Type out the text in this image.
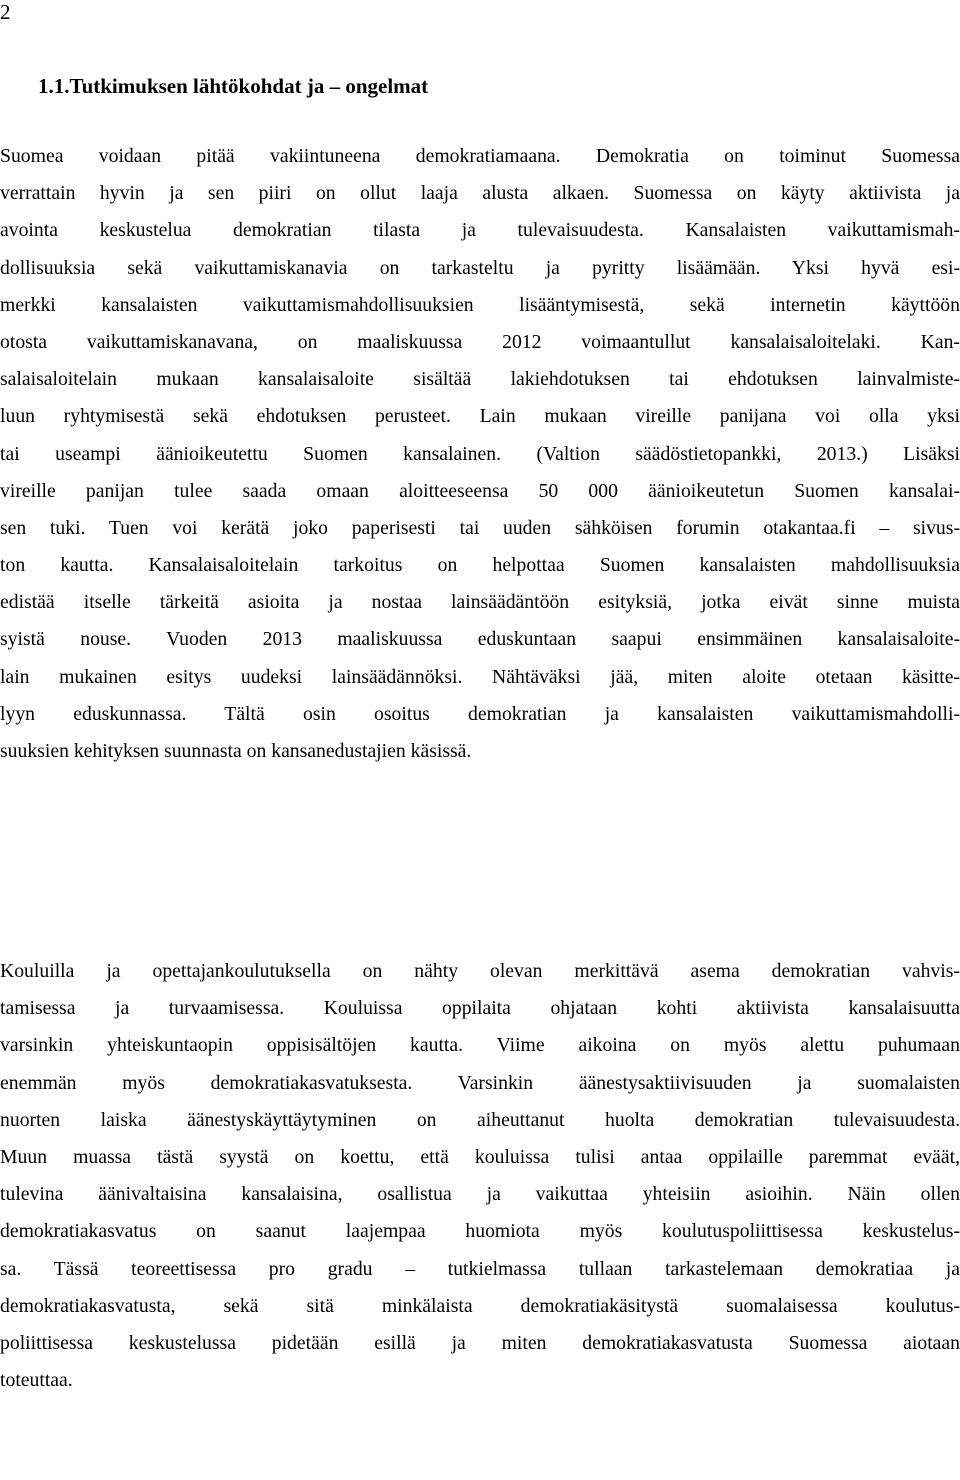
2
1.1.Tutkimuksen lähtökohdat ja – ongelmat
Suomea voidaan pitää vakiintuneena demokratiamaana. Demokratia on toiminut Suomessa
verrattain hyvin ja sen piiri on ollut laaja alusta alkaen. Suomessa on käyty aktiivista ja
avointa keskustelua demokratian tilasta ja tulevaisuudesta. Kansalaisten vaikuttamismah-
dollisuuksia sekä vaikuttamiskanavia on tarkasteltu ja pyritty lisäämään. Yksi hyvä esi-
merkki kansalaisten vaikuttamismahdollisuuksien lisääntymisestä, sekä internetin käyttöön
otosta vaikuttamiskanavana, on maaliskuussa 2012 voimaantullut kansalaisaloitelaki. Kan-
salaisaloitelain mukaan kansalaisaloite sisältää lakiehdotuksen tai ehdotuksen lainvalmiste-
luun ryhtymisestä sekä ehdotuksen perusteet. Lain mukaan vireille panijana voi olla yksi
tai useampi äänioikeutettu Suomen kansalainen. (Valtion säädöstietopankki, 2013.) Lisäksi
vireille panijan tulee saada omaan aloitteeseensa 50 000 äänioikeutetun Suomen kansalai-
sen tuki. Tuen voi kerätä joko paperisesti tai uuden sähköisen forumin otakantaa.fi – sivus-
ton kautta. Kansalaisaloitelain tarkoitus on helpottaa Suomen kansalaisten mahdollisuuksia
edistää itselle tärkeitä asioita ja nostaa lainsäädäntöön esityksiä, jotka eivät sinne muista
syistä nouse. Vuoden 2013 maaliskuussa eduskuntaan saapui ensimmäinen kansalaisaloite-
lain mukainen esitys uudeksi lainsäädännöksi. Nähtäväksi jää, miten aloite otetaan käsitte-
lyyn eduskunnassa. Tältä osin osoitus demokratian ja kansalaisten vaikuttamismahdolli-
suuksien kehityksen suunnasta on kansanedustajien käsissä.
Kouluilla ja opettajankoulutuksella on nähty olevan merkittävä asema demokratian vahvis-
tamisessa ja turvaamisessa. Kouluissa oppilaita ohjataan kohti aktiivista kansalaisuutta
varsinkin yhteiskuntaopin oppisisältöjen kautta. Viime aikoina on myös alettu puhumaan
enemmän myös demokratiakasvatuksesta. Varsinkin äänestysaktiivisuuden ja suomalaisten
nuorten laiska äänestyskäyttäytyminen on aiheuttanut huolta demokratian tulevaisuudesta.
Muun muassa tästä syystä on koettu, että kouluissa tulisi antaa oppilaille paremmat eväät,
tulevina äänivaltaisina kansalaisina, osallistua ja vaikuttaa yhteisiin asioihin. Näin ollen
demokratiakasvatus on saanut laajempaa huomiota myös koulutuspoliittisessa keskustelus-
sa. Tässä teoreettisessa pro gradu – tutkielmassa tullaan tarkastelemaan demokratiaa ja
demokratiakasvatusta, sekä sitä minkälaista demokratiakäsitystä suomalaisessa koulutus-
poliittisessa keskustelussa pidetään esillä ja miten demokratiakasvatusta Suomessa aiotaan
toteuttaa.
